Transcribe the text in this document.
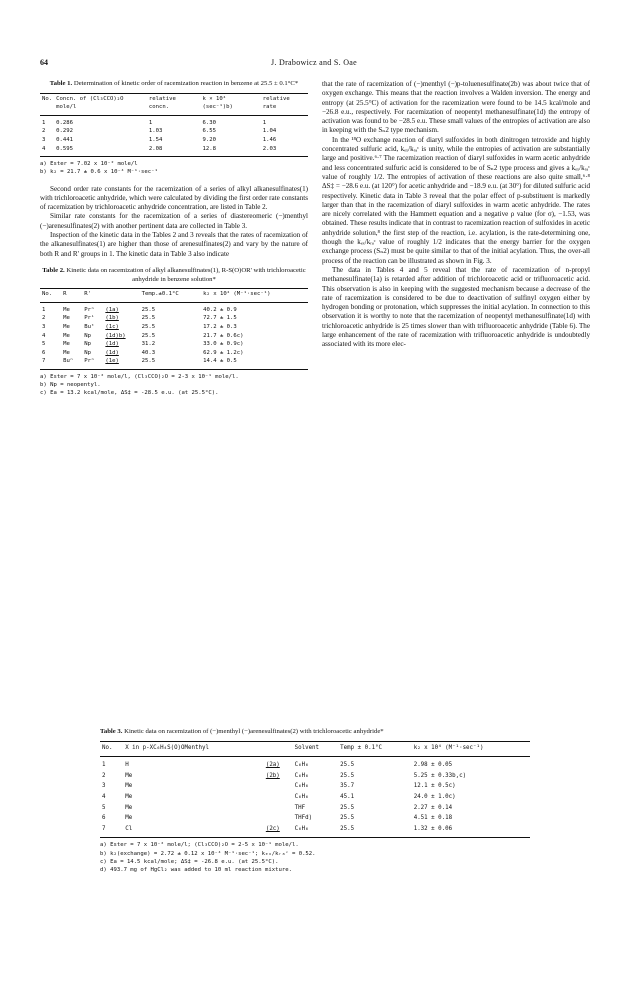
64	J. Drabowicz and S. Oae
Table 1. Determination of kinetic order of racemization reaction in benzene at 25.5 ± 0.1°C*
No.	Concn. of (Cl₃CCO)₂O mole/l	relative concn.	k × 10⁴ (sec⁻¹)b)	relative rate
1	0.286	1	6.30	1
2	0.292	1.03	6.55	1.04
3	0.441	1.54	9.20	1.46
4	0.595	2.08	12.8	2.03
a) Ester = 7.02 x 10⁻² mole/l
b) k₂ = 21.7 ± 0.6 x 10⁻⁴ M⁻¹·sec⁻¹

Second order rate constants for the racemization of a series of alkyl alkanesulfinates(1) with trichloroacetic anhydride, which were calculated by dividing the first order rate constants of racemization by trichloroacetic anhydride concentration, are listed in Table 2.

Similar rate constants for the racemization of a series of diastereomeric (−)menthyl (−)arenesulfinates(2) with another pertinent data are collected in Table 3.

Inspection of the kinetic data in the Tables 2 and 3 reveals that the rates of racemization of the alkanesulfinates(1) are higher than those of arenesulfinates(2) and vary by the nature of both R and R' groups in 1. The kinetic data in Table 3 also indicate

Table 2. Kinetic data on racemization of alkyl alkanesulfinates(1), R-S(O)OR' with trichloroacetic anhydride in benzene solution*
No.	R	R'		Temp.±0.1°C	k₂ x 10⁴ (M⁻¹·sec⁻¹)
1	Me	Prⁿ	(1a)	25.5	40.2 ± 0.9
2	Me	Prⁱ	(1b)	25.5	72.7 ± 1.5
3	Me	Buᵗ	(1c)	25.5	17.2 ± 0.3
4	Me	Np	(1d)b)	25.5	21.7 ± 0.6c)
5	Me	Np	(1d)	31.2	33.0 ± 0.9c)
6	Me	Np	(1d)	40.3	62.9 ± 1.2c)
7	Buⁿ	Prⁿ	(1e)	25.5	14.4 ± 0.5
a) Ester = 7 x 10⁻² mole/l, (Cl₃CCO)₂O = 2-3 x 10⁻¹ mole/l.
b) Np = neopentyl.
c) Ea = 13.2 kcal/mole, ΔS‡ = -28.5 e.u. (at 25.5°C).

that the rate of racemization of (−)menthyl (−)p-toluenesulfinate(2b) was about twice that of oxygen exchange. This means that the reaction involves a Walden inversion. The energy and entropy (at 25.5°C) of activation for the racemization were found to be 14.5 kcal/mole and −26.8 e.u., respectively. For racemization of neopentyl methanesulfinate(1d) the entropy of activation was found to be −28.5 e.u. These small values of the entropies of activation are also in keeping with the Sₙ2 type mechanism.

In the ¹⁸O exchange reaction of diaryl sulfoxides in both dinitrogen tetroxide and highly concentrated sulfuric acid, kₑₓ/kᵣₐᶜ is unity, while the entropies of activation are substantially large and positive.⁶·⁷ The racemization reaction of diaryl sulfoxides in warm acetic anhydride and less concentrated sulfuric acid is considered to be of Sₙ2 type process and gives a kₑₓ/kᵣₐᶜ value of roughly 1/2. The entropies of activation of these reactions are also quite small,⁶·⁸ ΔS‡ = −28.6 e.u. (at 120°) for acetic anhydride and −18.9 e.u. (at 30°) for diluted sulfuric acid respectively. Kinetic data in Table 3 reveal that the polar effect of p-substituent is markedly larger than that in the racemization of diaryl sulfoxides in warm acetic anhydride. The rates are nicely correlated with the Hammett equation and a negative ρ value (for σ), −1.53, was obtained. These results indicate that in contrast to racemization reaction of sulfoxides in acetic anhydride solution,⁸ the first step of the reaction, i.e. acylation, is the rate-determining one, though the kₑₓ/kᵣₐᶜ value of roughly 1/2 indicates that the energy barrier for the oxygen exchange process (Sₙ2) must be quite similar to that of the initial acylation. Thus, the over-all process of the reaction can be illustrated as shown in Fig. 3.

The data in Tables 4 and 5 reveal that the rate of racemization of n-propyl methanesulfinate(1a) is retarded after addition of trichloroacetic acid or trifluoroacetic acid. This observation is also in keeping with the suggested mechanism because a decrease of the rate of racemization is considered to be due to deactivation of sulfinyl oxygen either by hydrogen bonding or protonation, which suppresses the initial acylation. In connection to this observation it is worthy to note that the racemization of neopentyl methanesulfinate(1d) with trichloroacetic anhydride is 25 times slower than with trifluoroacetic anhydride (Table 6). The large enhancement of the rate of racemization with trifluoroacetic anhydride is undoubtedly associated with its more elec-

Table 3. Kinetic data on racemization of (−)menthyl (−)arenesulfinates(2) with trichloroacetic anhydride*
No.	X in p-XC₆H₄S(O)OMenthyl		Solvent	Temp ± 0.1°C	k₂ x 10⁴ (M⁻¹·sec⁻¹)
1	H	(2a)	C₆H₆	25.5	2.98 ± 0.05
2	Me	(2b)	C₆H₆	25.5	5.25 ± 0.33b,c)
3	Me		C₆H₆	35.7	12.1 ± 0.5c)
4	Me		C₆H₆	45.1	24.0 ± 1.0c)
5	Me		THF	25.5	2.27 ± 0.14
6	Me		THFd)	25.5	4.51 ± 0.18
7	Cl	(2c)	C₆H₆	25.5	1.32 ± 0.06
a) Ester = 7 x 10⁻² mole/l; (Cl₃CCO)₂O = 2-5 x 10⁻¹ mole/l.
b) k₂(exchange) = 2.72 ± 0.12 x 10⁻⁴ M⁻¹·sec⁻¹; kₑₓ/kᵣₐᶜ = 0.52.
c) Ea = 14.5 kcal/mole; ΔS‡ = -26.8 e.u. (at 25.5°C).
d) 493.7 mg of HgCl₂ was added to 10 ml reaction mixture.
